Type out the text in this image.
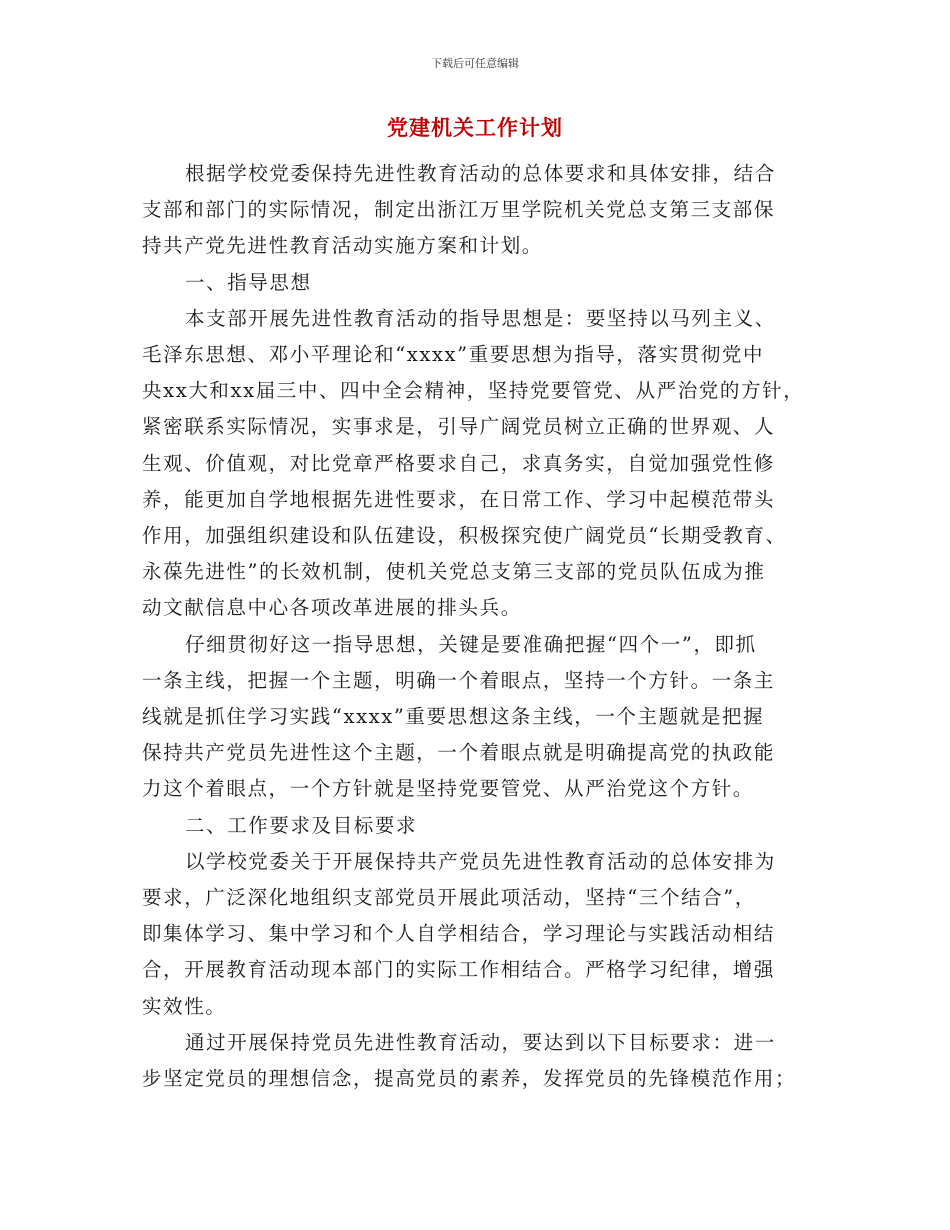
下载后可任意编辑
党建机关工作计划
根据学校党委保持先进性教育活动的总体要求和具体安排，结合
支部和部门的实际情况，制定出浙江万里学院机关党总支第三支部保
持共产党先进性教育活动实施方案和计划。
一、指导思想
本支部开展先进性教育活动的指导思想是：要坚持以马列主义、
毛泽东思想、邓小平理论和“xxxx”重要思想为指导，落实贯彻党中
央xx大和xx届三中、四中全会精神，坚持党要管党、从严治党的方针，
紧密联系实际情况，实事求是，引导广阔党员树立正确的世界观、人
生观、价值观，对比党章严格要求自己，求真务实，自觉加强党性修
养，能更加自学地根据先进性要求，在日常工作、学习中起模范带头
作用，加强组织建设和队伍建设，积极探究使广阔党员“长期受教育、
永葆先进性”的长效机制，使机关党总支第三支部的党员队伍成为推
动文献信息中心各项改革进展的排头兵。
仔细贯彻好这一指导思想，关键是要准确把握“四个一”，即抓
一条主线，把握一个主题，明确一个着眼点，坚持一个方针。一条主
线就是抓住学习实践“xxxx”重要思想这条主线，一个主题就是把握
保持共产党员先进性这个主题，一个着眼点就是明确提高党的执政能
力这个着眼点，一个方针就是坚持党要管党、从严治党这个方针。
二、工作要求及目标要求
以学校党委关于开展保持共产党员先进性教育活动的总体安排为
要求，广泛深化地组织支部党员开展此项活动，坚持“三个结合”，
即集体学习、集中学习和个人自学相结合，学习理论与实践活动相结
合，开展教育活动现本部门的实际工作相结合。严格学习纪律，增强
实效性。
通过开展保持党员先进性教育活动，要达到以下目标要求：进一
步坚定党员的理想信念，提高党员的素养，发挥党员的先锋模范作用；
